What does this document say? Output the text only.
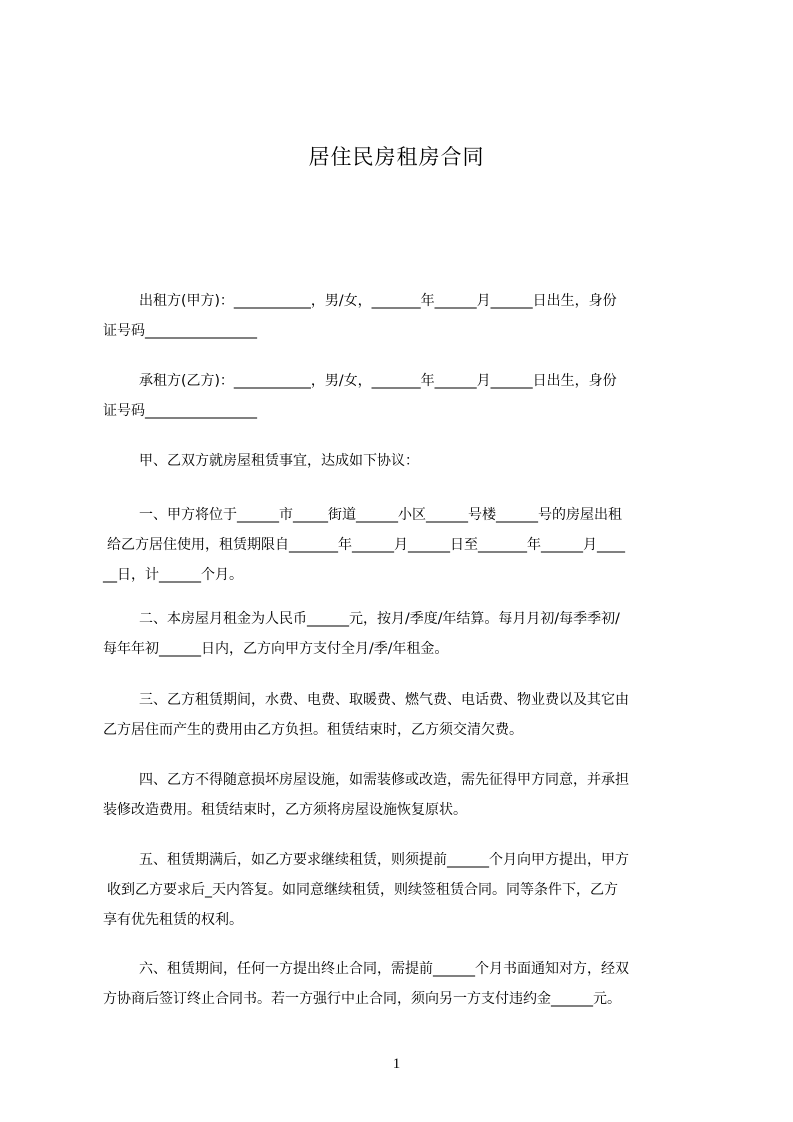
居住民房租房合同
出租方(甲方)：___________，男/女，_______年______月______日出生，身份
证号码________________
承租方(乙方)：___________，男/女，_______年______月______日出生，身份
证号码________________
甲、乙双方就房屋租赁事宜，达成如下协议：
一、甲方将位于______市_____街道______小区______号楼______号的房屋出租
给乙方居住使用，租赁期限自_______年______月______日至_______年______月____
__日，计______个月。
二、本房屋月租金为人民币______元，按月/季度/年结算。每月月初/每季季初/
每年年初______日内，乙方向甲方支付全月/季/年租金。
三、乙方租赁期间，水费、电费、取暖费、燃气费、电话费、物业费以及其它由
乙方居住而产生的费用由乙方负担。租赁结束时，乙方须交清欠费。
四、乙方不得随意损坏房屋设施，如需装修或改造，需先征得甲方同意，并承担
装修改造费用。租赁结束时，乙方须将房屋设施恢复原状。
五、租赁期满后，如乙方要求继续租赁，则须提前______个月向甲方提出，甲方
收到乙方要求后_天内答复。如同意继续租赁，则续签租赁合同。同等条件下，乙方
享有优先租赁的权利。
六、租赁期间，任何一方提出终止合同，需提前______个月书面通知对方，经双
方协商后签订终止合同书。若一方强行中止合同，须向另一方支付违约金______元。
1
